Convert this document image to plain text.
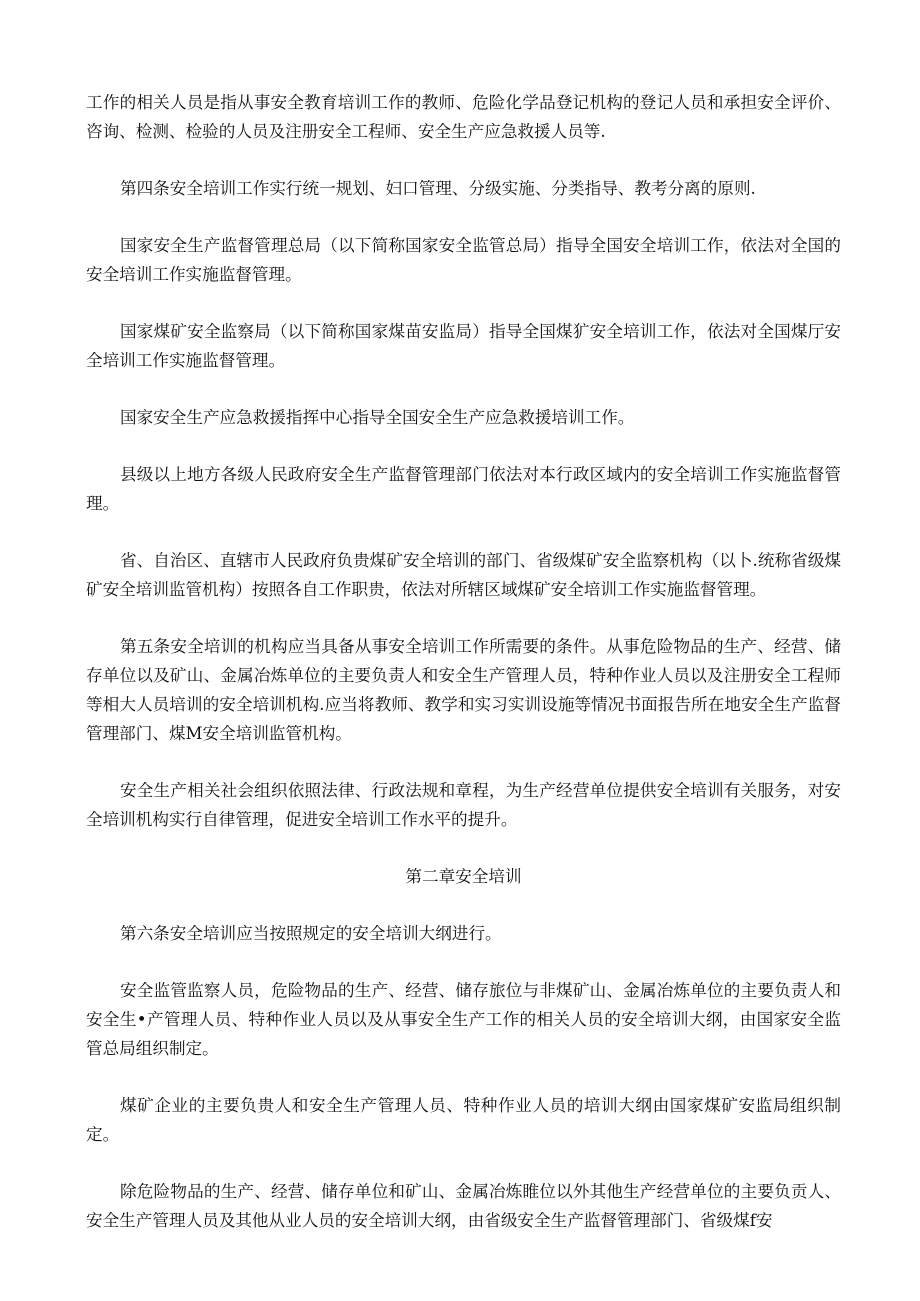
工作的相关人员是指从事安全教育培训工作的教师、危险化学品登记机构的登记人员和承担安全评价、咨询、检测、检验的人员及注册安全工程师、安全生产应急救援人员等.

第四条安全培训工作实行统一规划、妇口管理、分级实施、分类指导、教考分离的原则.

国家安全生产监督管理总局（以下简称国家安全监管总局）指导全国安全培训工作，依法对全国的安全培训工作实施监督管理。

国家煤矿安全监察局（以下简称国家煤苗安监局）指导全国煤犷安全培训工作，依法对全国煤厅安全培训工作实施监督管理。

国家安全生产应急救援指挥中心指导全国安全生产应急救援培训工作。

县级以上地方各级人民政府安全生产监督管理部门依法对本行政区域内的安全培训工作实施监督管理。

省、自治区、直辖市人民政府负贵煤矿安全培训的部门、省级煤矿安全监察机构（以卜.统称省级煤矿安全培训监管机构）按照各自工作职贵，依法对所辖区域煤矿安全培训工作实施监督管理。

第五条安全培训的机构应当具备从事安全培训工作所需要的条件。从事危险物品的生产、经营、储存单位以及矿山、金属冶炼单位的主要负责人和安全生产管理人员，特种作业人员以及注册安全工程师等相大人员培训的安全培训机构.应当将教师、教学和实习实训设施等情况书面报告所在地安全生产监督管理部门、煤M安全培训监管机构。

安全生产相关社会组织依照法律、行政法规和章程，为生产经营单位提供安全培训有关服务，对安全培训机构实行自律管理，促进安全培训工作水平的提升。

第二章安全培训

第六条安全培训应当按照规定的安全培训大纲进行。

安全监管监察人员，危险物品的生产、经营、储存旅位与非煤矿山、金属冶炼单位的主要负责人和安全生•产管理人员、特种作业人员以及从事安全生产工作的相关人员的安全培训大纲，由国家安全监管总局组织制定。

煤矿企业的主要负贵人和安全生产管理人员、特种作业人员的培训大纲由国家煤矿安监局组织制定。

除危险物品的生产、经营、储存单位和矿山、金属冶炼睢位以外其他生产经营单位的主要负贡人、安全生产管理人员及其他从业人员的安全培训大纲，由省级安全生产监督管理部门、省级煤f安
